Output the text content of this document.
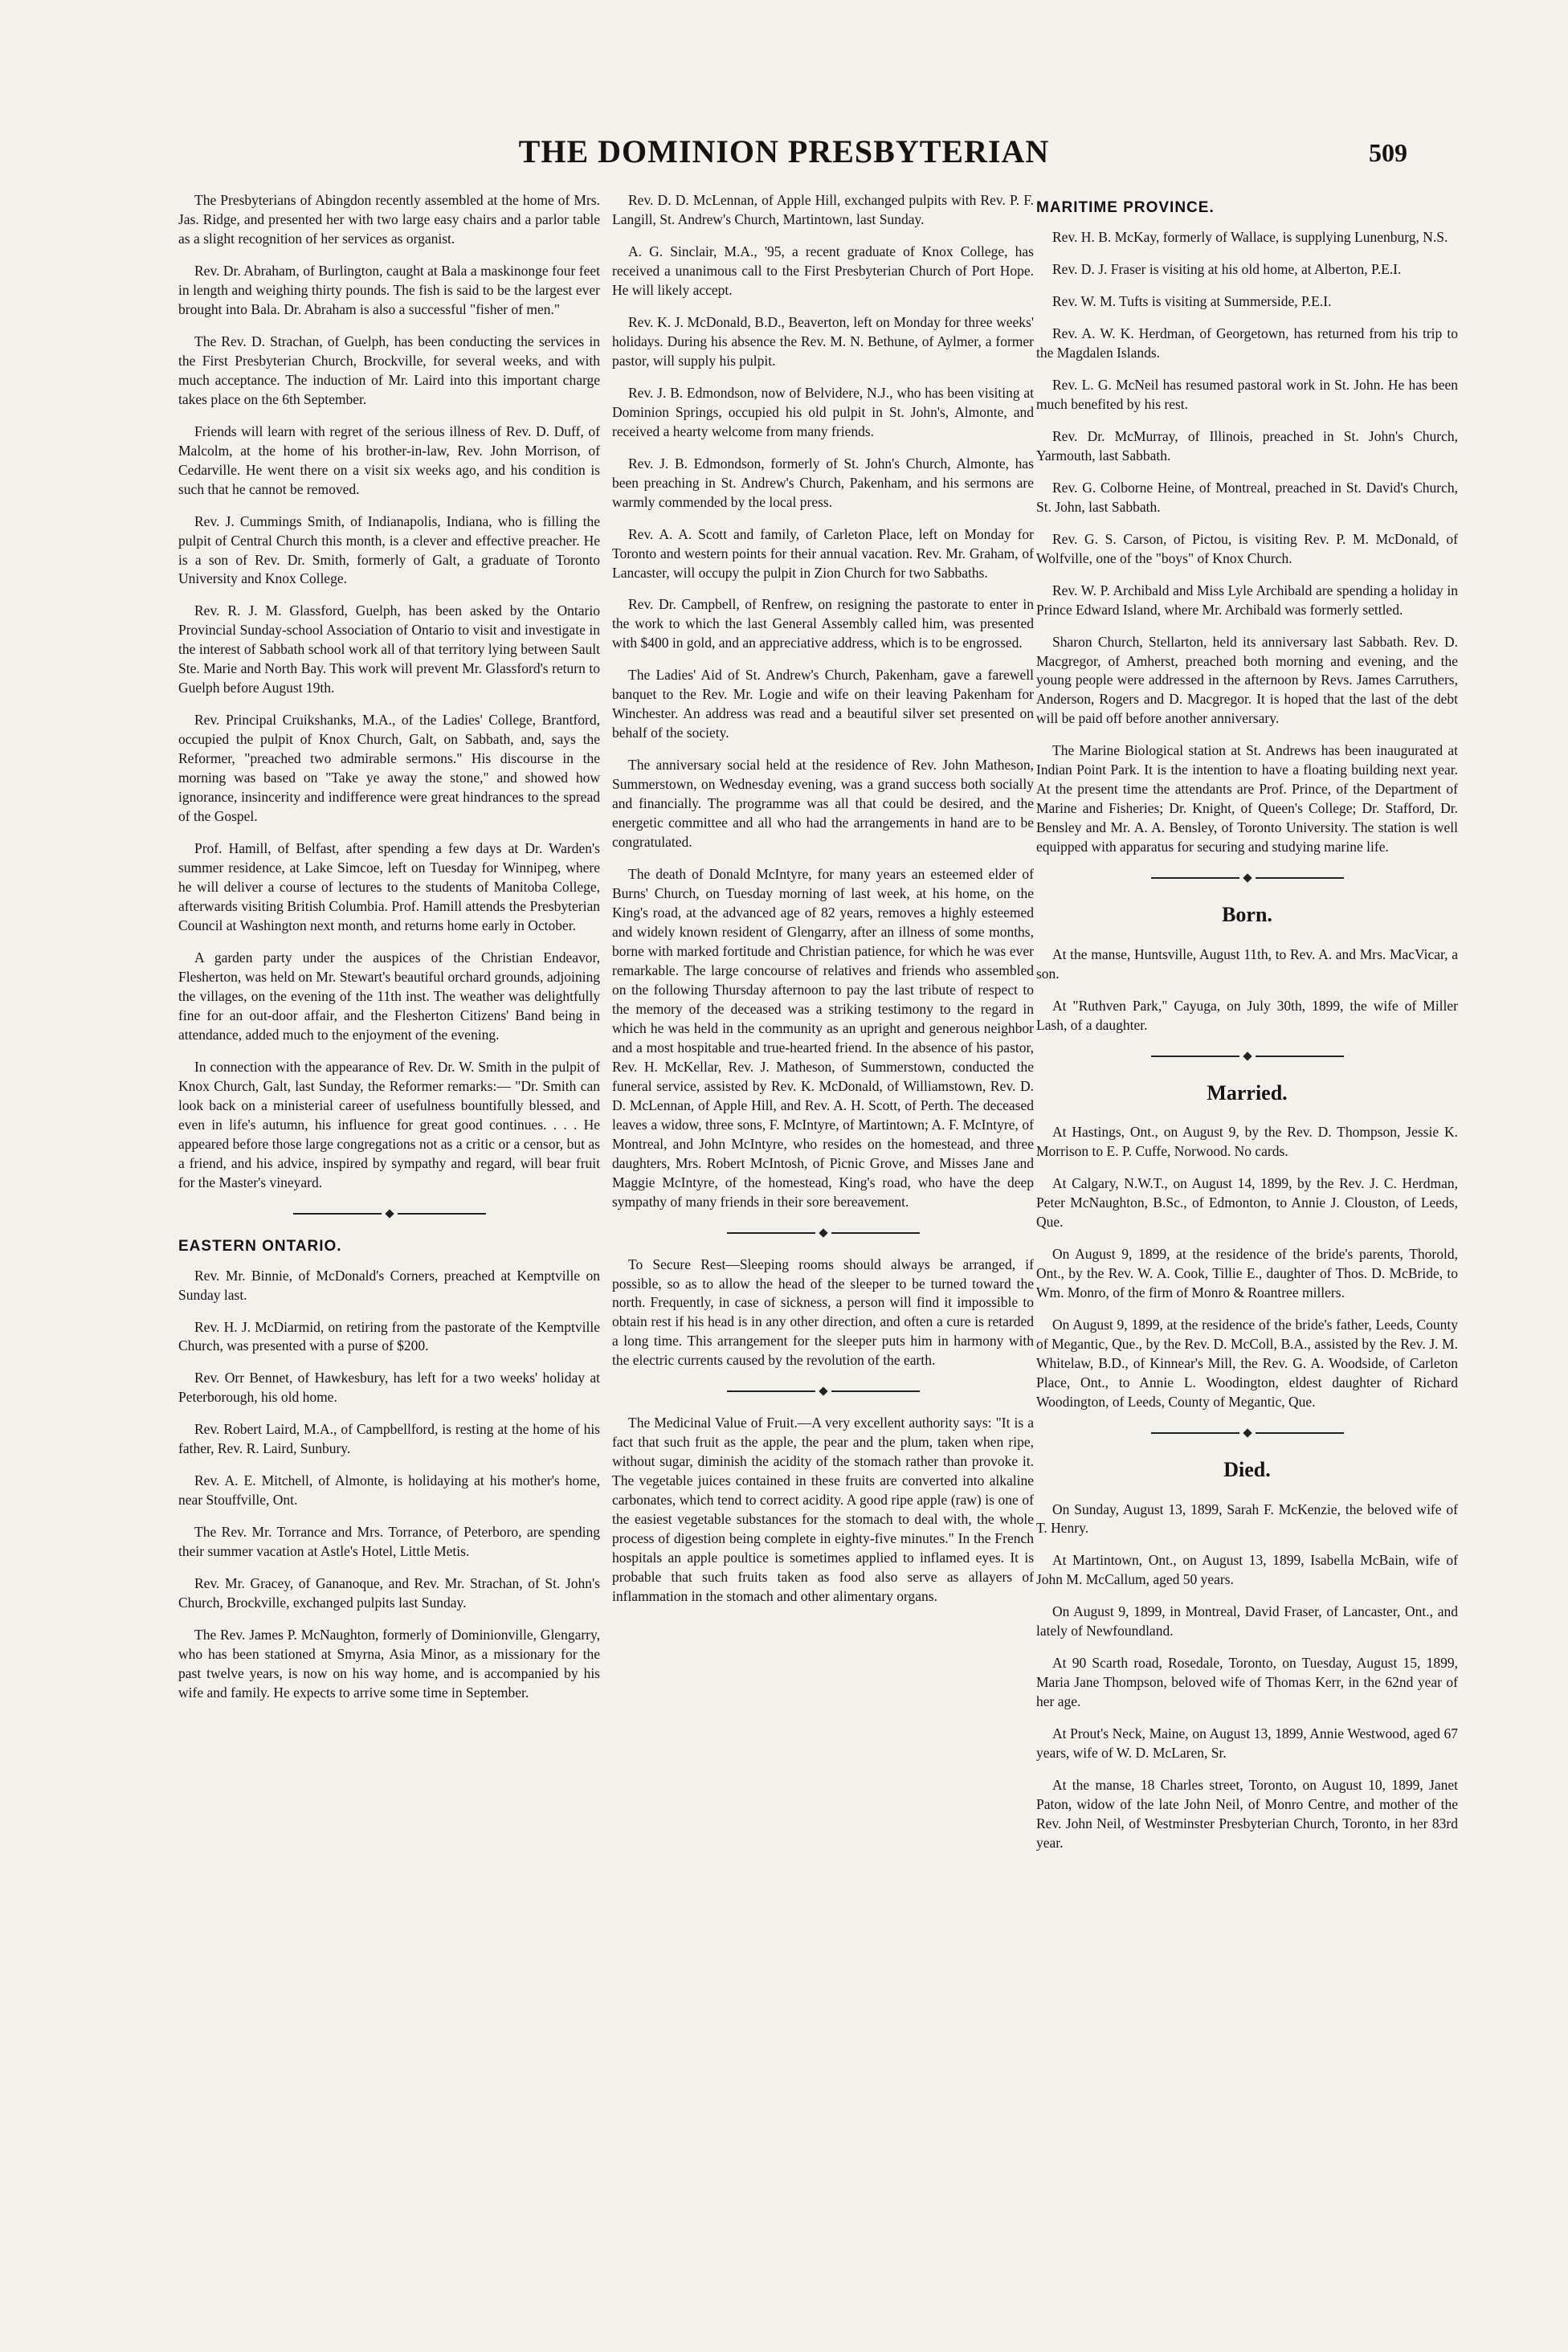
THE DOMINION PRESBYTERIAN	509

The Presbyterians of Abingdon recently assembled at the home of Mrs. Jas. Ridge, and presented her with two large easy chairs and a parlor table as a slight recognition of her services as organist.

Rev. Dr. Abraham, of Burlington, caught at Bala a maskinonge four feet in length and weighing thirty pounds. The fish is said to be the largest ever brought into Bala. Dr. Abraham is also a successful "fisher of men."

The Rev. D. Strachan, of Guelph, has been conducting the services in the First Presbyterian Church, Brockville, for several weeks, and with much acceptance. The induction of Mr. Laird into this important charge takes place on the 6th September.

Friends will learn with regret of the serious illness of Rev. D. Duff, of Malcolm, at the home of his brother-in-law, Rev. John Morrison, of Cedarville. He went there on a visit six weeks ago, and his condition is such that he cannot be removed.

Rev. J. Cummings Smith, of Indianapolis, Indiana, who is filling the pulpit of Central Church this month, is a clever and effective preacher. He is a son of Rev. Dr. Smith, formerly of Galt, a graduate of Toronto University and Knox College.

Rev. R. J. M. Glassford, Guelph, has been asked by the Ontario Provincial Sunday-school Association of Ontario to visit and investigate in the interest of Sabbath school work all of that territory lying between Sault Ste. Marie and North Bay. This work will prevent Mr. Glassford's return to Guelph before August 19th.

Rev. Principal Cruikshanks, M.A., of the Ladies' College, Brantford, occupied the pulpit of Knox Church, Galt, on Sabbath, and, says the Reformer, "preached two admirable sermons." His discourse in the morning was based on "Take ye away the stone," and showed how ignorance, insincerity and indifference were great hindrances to the spread of the Gospel.

Prof. Hamill, of Belfast, after spending a few days at Dr. Warden's summer residence, at Lake Simcoe, left on Tuesday for Winnipeg, where he will deliver a course of lectures to the students of Manitoba College, afterwards visiting British Columbia. Prof. Hamill attends the Presbyterian Council at Washington next month, and returns home early in October.

A garden party under the auspices of the Christian Endeavor, Flesherton, was held on Mr. Stewart's beautiful orchard grounds, adjoining the villages, on the evening of the 11th inst. The weather was delightfully fine for an out-door affair, and the Flesherton Citizens' Band being in attendance, added much to the enjoyment of the evening.

In connection with the appearance of Rev. Dr. W. Smith in the pulpit of Knox Church, Galt, last Sunday, the Reformer remarks:— "Dr. Smith can look back on a ministerial career of usefulness bountifully blessed, and even in life's autumn, his influence for great good continues. . . . He appeared before those large congregations not as a critic or a censor, but as a friend, and his advice, inspired by sympathy and regard, will bear fruit for the Master's vineyard.

EASTERN ONTARIO.

Rev. Mr. Binnie, of McDonald's Corners, preached at Kemptville on Sunday last.

Rev. H. J. McDiarmid, on retiring from the pastorate of the Kemptville Church, was presented with a purse of $200.

Rev. Orr Bennet, of Hawkesbury, has left for a two weeks' holiday at Peterborough, his old home.

Rev. Robert Laird, M.A., of Campbellford, is resting at the home of his father, Rev. R. Laird, Sunbury.

Rev. A. E. Mitchell, of Almonte, is holidaying at his mother's home, near Stouffville, Ont.

The Rev. Mr. Torrance and Mrs. Torrance, of Peterboro, are spending their summer vacation at Astle's Hotel, Little Metis.

Rev. Mr. Gracey, of Gananoque, and Rev. Mr. Strachan, of St. John's Church, Brockville, exchanged pulpits last Sunday.

The Rev. James P. McNaughton, formerly of Dominionville, Glengarry, who has been stationed at Smyrna, Asia Minor, as a missionary for the past twelve years, is now on his way home, and is accompanied by his wife and family. He expects to arrive some time in September.

Rev. D. D. McLennan, of Apple Hill, exchanged pulpits with Rev. P. F. Langill, St. Andrew's Church, Martintown, last Sunday.

A. G. Sinclair, M.A., '95, a recent graduate of Knox College, has received a unanimous call to the First Presbyterian Church of Port Hope. He will likely accept.

Rev. K. J. McDonald, B.D., Beaverton, left on Monday for three weeks' holidays. During his absence the Rev. M. N. Bethune, of Aylmer, a former pastor, will supply his pulpit.

Rev. J. B. Edmondson, now of Belvidere, N.J., who has been visiting at Dominion Springs, occupied his old pulpit in St. John's, Almonte, and received a hearty welcome from many friends.

Rev. J. B. Edmondson, formerly of St. John's Church, Almonte, has been preaching in St. Andrew's Church, Pakenham, and his sermons are warmly commended by the local press.

Rev. A. A. Scott and family, of Carleton Place, left on Monday for Toronto and western points for their annual vacation. Rev. Mr. Graham, of Lancaster, will occupy the pulpit in Zion Church for two Sabbaths.

Rev. Dr. Campbell, of Renfrew, on resigning the pastorate to enter in the work to which the last General Assembly called him, was presented with $400 in gold, and an appreciative address, which is to be engrossed.

The Ladies' Aid of St. Andrew's Church, Pakenham, gave a farewell banquet to the Rev. Mr. Logie and wife on their leaving Pakenham for Winchester. An address was read and a beautiful silver set presented on behalf of the society.

The anniversary social held at the residence of Rev. John Matheson, Summerstown, on Wednesday evening, was a grand success both socially and financially. The programme was all that could be desired, and the energetic committee and all who had the arrangements in hand are to be congratulated.

The death of Donald McIntyre, for many years an esteemed elder of Burns' Church, on Tuesday morning of last week, at his home, on the King's road, at the advanced age of 82 years, removes a highly esteemed and widely known resident of Glengarry, after an illness of some months, borne with marked fortitude and Christian patience, for which he was ever remarkable. The large concourse of relatives and friends who assembled on the following Thursday afternoon to pay the last tribute of respect to the memory of the deceased was a striking testimony to the regard in which he was held in the community as an upright and generous neighbor and a most hospitable and true-hearted friend. In the absence of his pastor, Rev. H. McKellar, Rev. J. Matheson, of Summerstown, conducted the funeral service, assisted by Rev. K. McDonald, of Williamstown, Rev. D. D. McLennan, of Apple Hill, and Rev. A. H. Scott, of Perth. The deceased leaves a widow, three sons, F. McIntyre, of Martintown; A. F. McIntyre, of Montreal, and John McIntyre, who resides on the homestead, and three daughters, Mrs. Robert McIntosh, of Picnic Grove, and Misses Jane and Maggie McIntyre, of the homestead, King's road, who have the deep sympathy of many friends in their sore bereavement.

To Secure Rest—Sleeping rooms should always be arranged, if possible, so as to allow the head of the sleeper to be turned toward the north. Frequently, in case of sickness, a person will find it impossible to obtain rest if his head is in any other direction, and often a cure is retarded a long time. This arrangement for the sleeper puts him in harmony with the electric currents caused by the revolution of the earth.

The Medicinal Value of Fruit.—A very excellent authority says: "It is a fact that such fruit as the apple, the pear and the plum, taken when ripe, without sugar, diminish the acidity of the stomach rather than provoke it. The vegetable juices contained in these fruits are converted into alkaline carbonates, which tend to correct acidity. A good ripe apple (raw) is one of the easiest vegetable substances for the stomach to deal with, the whole process of digestion being complete in eighty-five minutes." In the French hospitals an apple poultice is sometimes applied to inflamed eyes. It is probable that such fruits taken as food also serve as allayers of inflammation in the stomach and other alimentary organs.

MARITIME PROVINCE.

Rev. H. B. McKay, formerly of Wallace, is supplying Lunenburg, N.S.

Rev. D. J. Fraser is visiting at his old home, at Alberton, P.E.I.

Rev. W. M. Tufts is visiting at Summerside, P.E.I.

Rev. A. W. K. Herdman, of Georgetown, has returned from his trip to the Magdalen Islands.

Rev. L. G. McNeil has resumed pastoral work in St. John. He has been much benefited by his rest.

Rev. Dr. McMurray, of Illinois, preached in St. John's Church, Yarmouth, last Sabbath.

Rev. G. Colborne Heine, of Montreal, preached in St. David's Church, St. John, last Sabbath.

Rev. G. S. Carson, of Pictou, is visiting Rev. P. M. McDonald, of Wolfville, one of the "boys" of Knox Church.

Rev. W. P. Archibald and Miss Lyle Archibald are spending a holiday in Prince Edward Island, where Mr. Archibald was formerly settled.

Sharon Church, Stellarton, held its anniversary last Sabbath. Rev. D. Macgregor, of Amherst, preached both morning and evening, and the young people were addressed in the afternoon by Revs. James Carruthers, Anderson, Rogers and D. Macgregor. It is hoped that the last of the debt will be paid off before another anniversary.

The Marine Biological station at St. Andrews has been inaugurated at Indian Point Park. It is the intention to have a floating building next year. At the present time the attendants are Prof. Prince, of the Department of Marine and Fisheries; Dr. Knight, of Queen's College; Dr. Stafford, Dr. Bensley and Mr. A. A. Bensley, of Toronto University. The station is well equipped with apparatus for securing and studying marine life.

Born.

At the manse, Huntsville, August 11th, to Rev. A. and Mrs. MacVicar, a son.

At "Ruthven Park," Cayuga, on July 30th, 1899, the wife of Miller Lash, of a daughter.

Married.

At Hastings, Ont., on August 9, by the Rev. D. Thompson, Jessie K. Morrison to E. P. Cuffe, Norwood. No cards.

At Calgary, N.W.T., on August 14, 1899, by the Rev. J. C. Herdman, Peter McNaughton, B.Sc., of Edmonton, to Annie J. Clouston, of Leeds, Que.

On August 9, 1899, at the residence of the bride's parents, Thorold, Ont., by the Rev. W. A. Cook, Tillie E., daughter of Thos. D. McBride, to Wm. Monro, of the firm of Monro & Roantree millers.

On August 9, 1899, at the residence of the bride's father, Leeds, County of Megantic, Que., by the Rev. D. McColl, B.A., assisted by the Rev. J. M. Whitelaw, B.D., of Kinnear's Mill, the Rev. G. A. Woodside, of Carleton Place, Ont., to Annie L. Woodington, eldest daughter of Richard Woodington, of Leeds, County of Megantic, Que.

Died.

On Sunday, August 13, 1899, Sarah F. McKenzie, the beloved wife of T. Henry.

At Martintown, Ont., on August 13, 1899, Isabella McBain, wife of John M. McCallum, aged 50 years.

On August 9, 1899, in Montreal, David Fraser, of Lancaster, Ont., and lately of Newfoundland.

At 90 Scarth road, Rosedale, Toronto, on Tuesday, August 15, 1899, Maria Jane Thompson, beloved wife of Thomas Kerr, in the 62nd year of her age.

At Prout's Neck, Maine, on August 13, 1899, Annie Westwood, aged 67 years, wife of W. D. McLaren, Sr.

At the manse, 18 Charles street, Toronto, on August 10, 1899, Janet Paton, widow of the late John Neil, of Monro Centre, and mother of the Rev. John Neil, of Westminster Presbyterian Church, Toronto, in her 83rd year.
